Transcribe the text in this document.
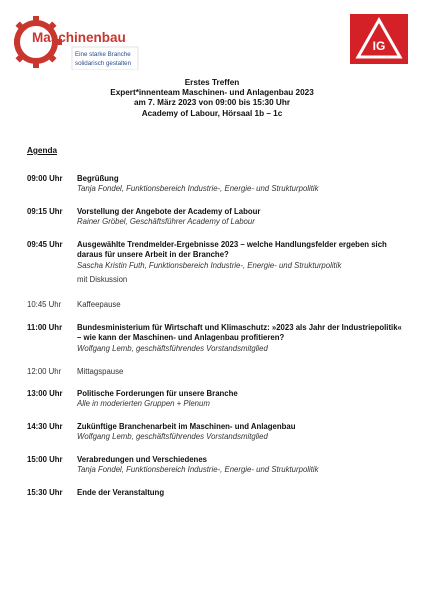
Maschinenbau
Eine starke Branche
solidarisch gestalten
IG
Erstes Treffen
Expert*innenteam Maschinen- und Anlagenbau 2023
am 7. März 2023 von 09:00 bis 15:30 Uhr
Academy of Labour, Hörsaal 1b – 1c
Agenda
09:00 Uhr	Begrüßung
Tanja Fondel, Funktionsbereich Industrie-, Energie- und Strukturpolitik
09:15 Uhr	Vorstellung der Angebote der Academy of Labour
Rainer Gröbel, Geschäftsführer Academy of Labour
09:45 Uhr	Ausgewählte Trendmelder-Ergebnisse 2023 – welche Handlungsfelder ergeben sich daraus für unsere Arbeit in der Branche?
Sascha Kristin Futh, Funktionsbereich Industrie-, Energie- und Strukturpolitik
mit Diskussion
10:45 Uhr	Kaffeepause
11:00 Uhr	Bundesministerium für Wirtschaft und Klimaschutz: »2023 als Jahr der Industriepolitik« – wie kann der Maschinen- und Anlagenbau profitieren?
Wolfgang Lemb, geschäftsführendes Vorstandsmitglied
12:00 Uhr	Mittagspause
13:00 Uhr	Politische Forderungen für unsere Branche
Alle in moderierten Gruppen + Plenum
14:30 Uhr	Zukünftige Branchenarbeit im Maschinen- und Anlagenbau
Wolfgang Lemb, geschäftsführendes Vorstandsmitglied
15:00 Uhr	Verabredungen und Verschiedenes
Tanja Fondel, Funktionsbereich Industrie-, Energie- und Strukturpolitik
15:30 Uhr	Ende der Veranstaltung
